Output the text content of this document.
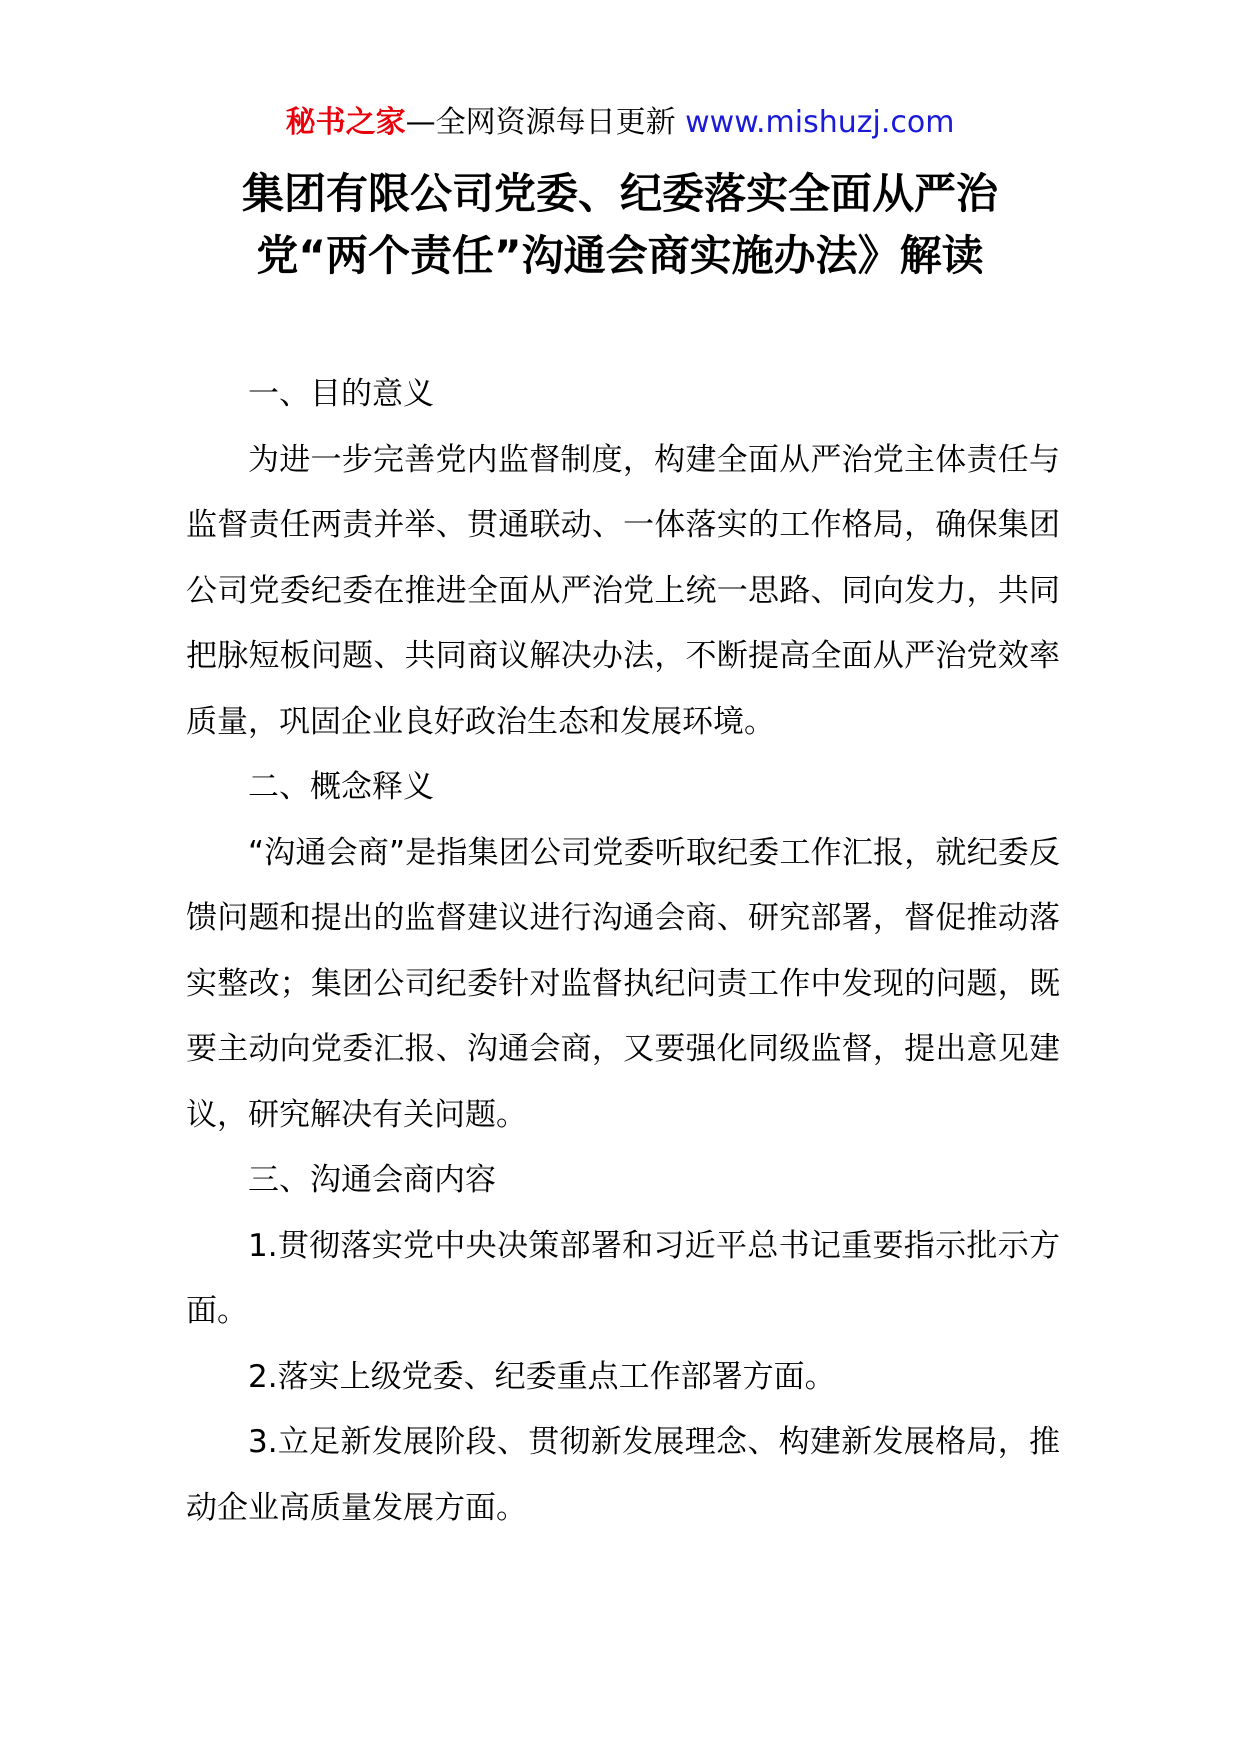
秘书之家—全网资源每日更新 www.mishuzj.com
集团有限公司党委、纪委落实全面从严治
党“两个责任”沟通会商实施办法》解读

一、目的意义

为进一步完善党内监督制度，构建全面从严治党主体责任与监督责任两责并举、贯通联动、一体落实的工作格局，确保集团公司党委纪委在推进全面从严治党上统一思路、同向发力，共同把脉短板问题、共同商议解决办法，不断提高全面从严治党效率质量，巩固企业良好政治生态和发展环境。

二、概念释义

“沟通会商”是指集团公司党委听取纪委工作汇报，就纪委反馈问题和提出的监督建议进行沟通会商、研究部署，督促推动落实整改；集团公司纪委针对监督执纪问责工作中发现的问题，既要主动向党委汇报、沟通会商，又要强化同级监督，提出意见建议，研究解决有关问题。

三、沟通会商内容

1.贯彻落实党中央决策部署和习近平总书记重要指示批示方面。

2.落实上级党委、纪委重点工作部署方面。

3.立足新发展阶段、贯彻新发展理念、构建新发展格局，推动企业高质量发展方面。
